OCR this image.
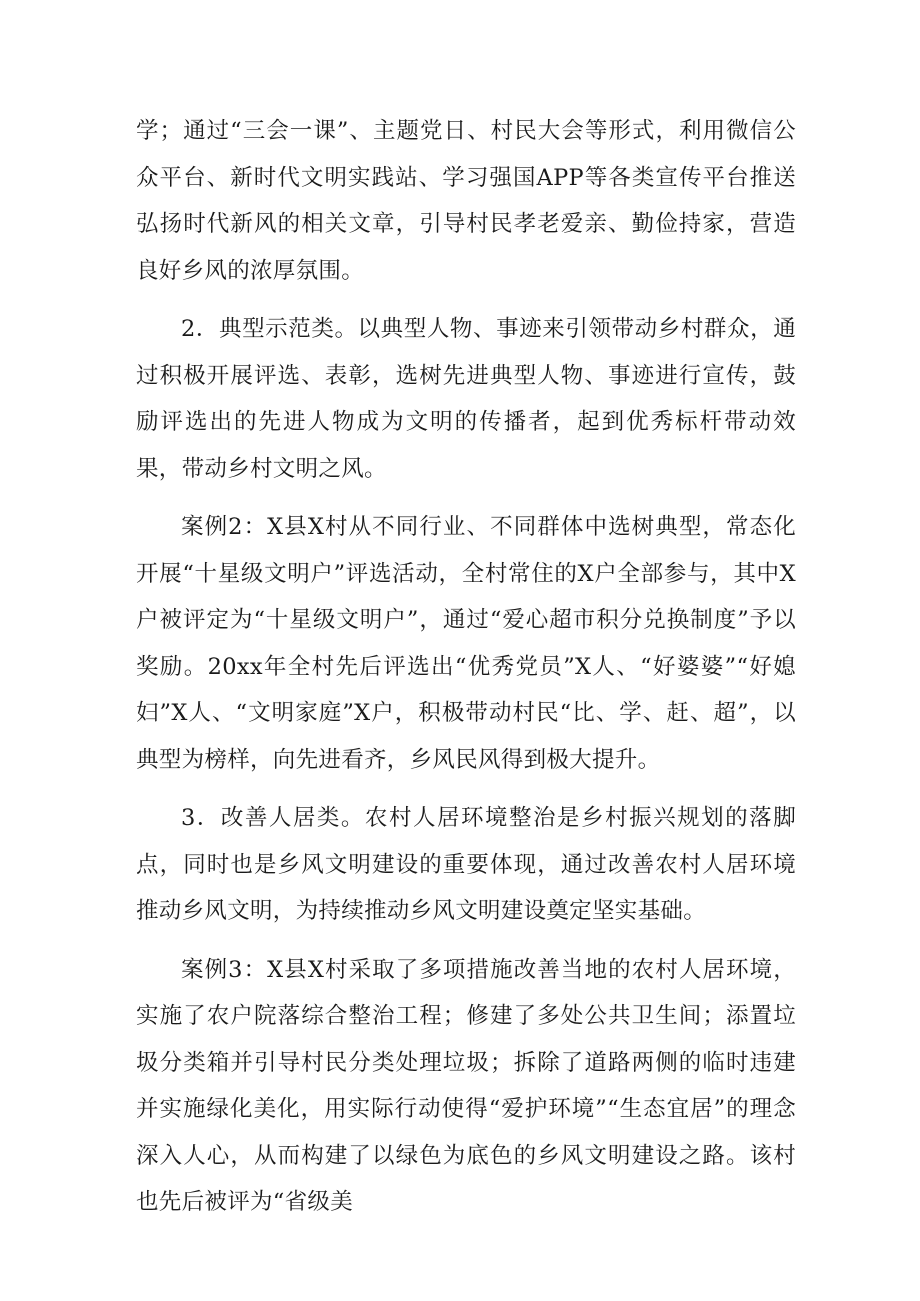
学；通过“三会一课”、主题党日、村民大会等形式，利用微信公众平台、新时代文明实践站、学习强国APP等各类宣传平台推送弘扬时代新风的相关文章，引导村民孝老爱亲、勤俭持家，营造良好乡风的浓厚氛围。

2．典型示范类。以典型人物、事迹来引领带动乡村群众，通过积极开展评选、表彰，选树先进典型人物、事迹进行宣传，鼓励评选出的先进人物成为文明的传播者，起到优秀标杆带动效果，带动乡村文明之风。

案例2：X县X村从不同行业、不同群体中选树典型，常态化开展“十星级文明户”评选活动，全村常住的X户全部参与，其中X户被评定为“十星级文明户”，通过“爱心超市积分兑换制度”予以奖励。20xx年全村先后评选出“优秀党员”X人、“好婆婆”“好媳妇”X人、“文明家庭”X户，积极带动村民“比、学、赶、超”，以典型为榜样，向先进看齐，乡风民风得到极大提升。

3．改善人居类。农村人居环境整治是乡村振兴规划的落脚点，同时也是乡风文明建设的重要体现，通过改善农村人居环境推动乡风文明，为持续推动乡风文明建设奠定坚实基础。

案例3：X县X村采取了多项措施改善当地的农村人居环境，实施了农户院落综合整治工程；修建了多处公共卫生间；添置垃圾分类箱并引导村民分类处理垃圾；拆除了道路两侧的临时违建并实施绿化美化，用实际行动使得“爱护环境”“生态宜居”的理念深入人心，从而构建了以绿色为底色的乡风文明建设之路。该村也先后被评为“省级美
